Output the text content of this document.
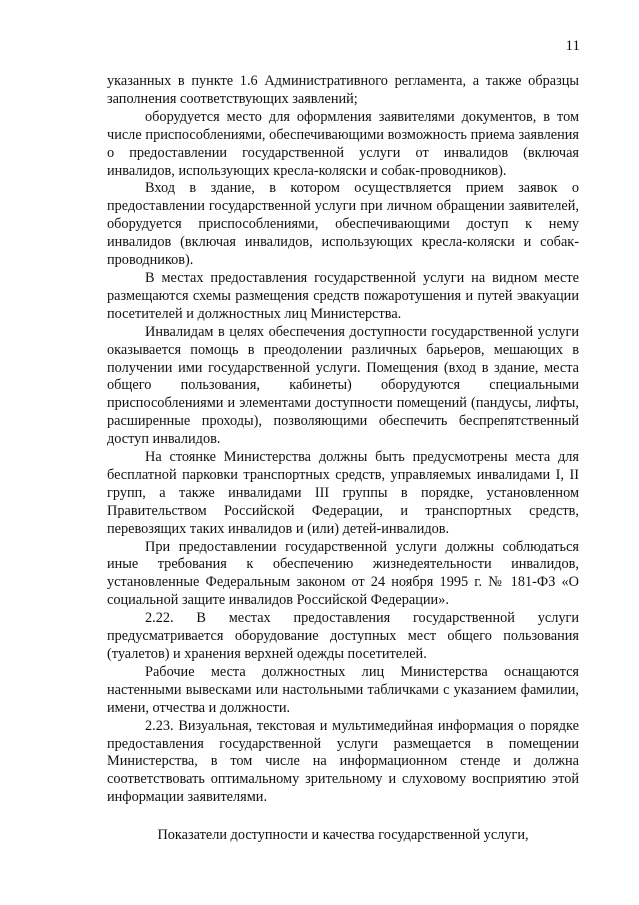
11

указанных в пункте 1.6 Административного регламента, а также образцы заполнения соответствующих заявлений;

оборудуется место для оформления заявителями документов, в том числе приспособлениями, обеспечивающими возможность приема заявления о предоставлении государственной услуги от инвалидов (включая инвалидов, использующих кресла-коляски и собак-проводников).

Вход в здание, в котором осуществляется прием заявок о предоставлении государственной услуги при личном обращении заявителей, оборудуется приспособлениями, обеспечивающими доступ к нему инвалидов (включая инвалидов, использующих кресла-коляски и собак-проводников).

В местах предоставления государственной услуги на видном месте размещаются схемы размещения средств пожаротушения и путей эвакуации посетителей и должностных лиц Министерства.

Инвалидам в целях обеспечения доступности государственной услуги оказывается помощь в преодолении различных барьеров, мешающих в получении ими государственной услуги. Помещения (вход в здание, места общего пользования, кабинеты) оборудуются специальными приспособлениями и элементами доступности помещений (пандусы, лифты, расширенные проходы), позволяющими обеспечить беспрепятственный доступ инвалидов.

На стоянке Министерства должны быть предусмотрены места для бесплатной парковки транспортных средств, управляемых инвалидами I, II групп, а также инвалидами III группы в порядке, установленном Правительством Российской Федерации, и транспортных средств, перевозящих таких инвалидов и (или) детей-инвалидов.

При предоставлении государственной услуги должны соблюдаться иные требования к обеспечению жизнедеятельности инвалидов, установленные Федеральным законом от 24 ноября 1995 г. № 181-ФЗ «О социальной защите инвалидов Российской Федерации».

2.22. В местах предоставления государственной услуги предусматривается оборудование доступных мест общего пользования (туалетов) и хранения верхней одежды посетителей.

Рабочие места должностных лиц Министерства оснащаются настенными вывесками или настольными табличками с указанием фамилии, имени, отчества и должности.

2.23. Визуальная, текстовая и мультимедийная информация о порядке предоставления государственной услуги размещается в помещении Министерства, в том числе на информационном стенде и должна соответствовать оптимальному зрительному и слуховому восприятию этой информации заявителями.

Показатели доступности и качества государственной услуги,
